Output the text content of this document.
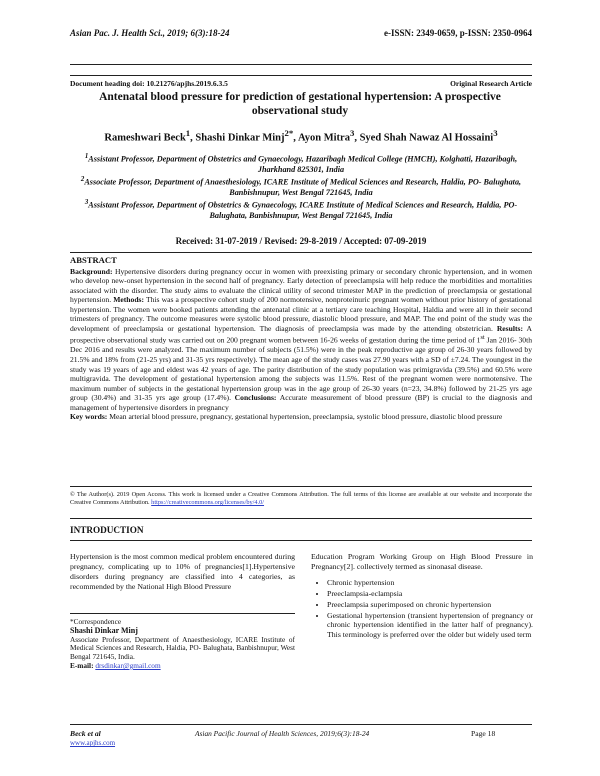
Asian Pac. J. Health Sci., 2019; 6(3):18-24	e-ISSN: 2349-0659, p-ISSN: 2350-0964
Document heading doi: 10.21276/apjhs.2019.6.3.5	Original Research Article
Antenatal blood pressure for prediction of gestational hypertension: A prospective observational study
Rameshwari Beck$^1$, Shashi Dinkar Minj$^{2*}$, Ayon Mitra$^3$, Syed Shah Nawaz Al Hossaini$^3$

$^1$Assistant Professor, Department of Obstetrics and Gynaecology, Hazaribagh Medical College (HMCH), Kolghatti, Hazaribagh, Jharkhand 825301, India

$^2$Associate Professor, Department of Anaesthesiology, ICARE Institute of Medical Sciences and Research, Haldia, PO- Balughata, Banbishnupur, West Bengal 721645, India

$^3$Assistant Professor, Department of Obstetrics & Gynaecology, ICARE Institute of Medical Sciences and Research, Haldia, PO- Balughata, Banbishnupur, West Bengal 721645, India

Received: 31-07-2019 / Revised: 29-8-2019 / Accepted: 07-09-2019
ABSTRACT
Background: Hypertensive disorders during pregnancy occur in women with preexisting primary or secondary chronic hypertension, and in women who develop new-onset hypertension in the second half of pregnancy. Early detection of preeclampsia will help reduce the morbidities and mortalities associated with the disorder. The study aims to evaluate the clinical utility of second trimester MAP in the prediction of preeclampsia or gestational hypertension. Methods: This was a prospective cohort study of 200 normotensive, nonproteinuric pregnant women without prior history of gestational hypertension. The women were booked patients attending the antenatal clinic at a tertiary care teaching Hospital, Haldia and were all in their second trimesters of pregnancy. The outcome measures were systolic blood pressure, diastolic blood pressure, and MAP. The end point of the study was the development of preeclampsia or gestational hypertension. The diagnosis of preeclampsia was made by the attending obstetrician. Results: A prospective observational study was carried out on 200 pregnant women between 16-26 weeks of gestation during the time period of 1st Jan 2016- 30th Dec 2016 and results were analyzed. The maximum number of subjects (51.5%) were in the peak reproductive age group of 26-30 years followed by 21.5% and 18% from (21-25 yrs) and 31-35 yrs respectively). The mean age of the study cases was 27.90 years with a SD of ±7.24. The youngest in the study was 19 years of age and eldest was 42 years of age. The parity distribution of the study population was primigravida (39.5%) and 60.5% were multigravida. The development of gestational hypertension among the subjects was 11.5%. Rest of the pregnant women were normotensive. The maximum number of subjects in the gestational hypertension group was in the age group of 26-30 years (n=23, 34.8%) followed by 21-25 yrs age group (30.4%) and 31-35 yrs age group (17.4%). Conclusions: Accurate measurement of blood pressure (BP) is crucial to the diagnosis and management of hypertensive disorders in pregnancy
Key words: Mean arterial blood pressure, pregnancy, gestational hypertension, preeclampsia, systolic blood pressure, diastolic blood pressure
© The Author(s). 2019 Open Access. This work is licensed under a Creative Commons Attribution. The full terms of this license are available at our website and incorporate the Creative Commons Attribution. https://creativecommons.org/licenses/by/4.0/
INTRODUCTION
Hypertension is the most common medical problem encountered during pregnancy, complicating up to 10% of pregnancies[1].Hypertensive disorders during pregnancy are classified into 4 categories, as recommended by the National High Blood Pressure
*Correspondence
Shashi Dinkar Minj
Associate Professor, Department of Anaesthesiology, ICARE Institute of Medical Sciences and Research, Haldia, PO- Balughata, Banbishnupur, West Bengal 721645, India.
E-mail: drsdinkar@gmail.com
Education Program Working Group on High Blood Pressure in Pregnancy[2]. collectively termed as sinonasal disease.
• Chronic hypertension
• Preeclampsia-eclampsia
• Preeclampsia superimposed on chronic hypertension
• Gestational hypertension (transient hypertension of pregnancy or chronic hypertension identified in the latter half of pregnancy). This terminology is preferred over the older but widely used term
Beck et al
www.apjhs.com
Asian Pacific Journal of Health Sciences, 2019;6(3):18-24	Page 18
